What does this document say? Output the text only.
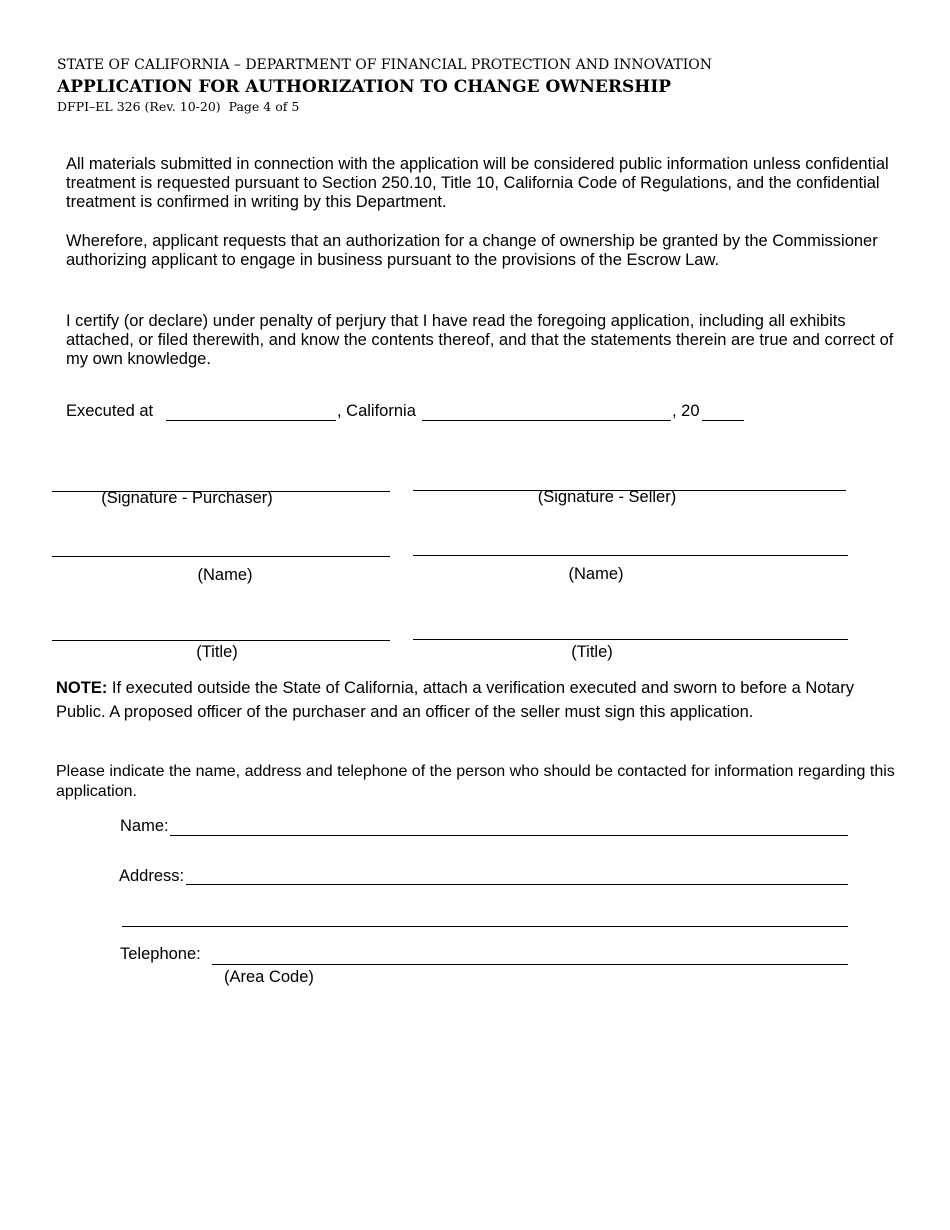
STATE OF CALIFORNIA – DEPARTMENT OF FINANCIAL PROTECTION AND INNOVATION
APPLICATION FOR AUTHORIZATION TO CHANGE OWNERSHIP
DFPI–EL 326 (Rev. 10-20) Page 4 of 5

All materials submitted in connection with the application will be considered public information unless confidential treatment is requested pursuant to Section 250.10, Title 10, California Code of Regulations, and the confidential treatment is confirmed in writing by this Department.

Wherefore, applicant requests that an authorization for a change of ownership be granted by the Commissioner authorizing applicant to engage in business pursuant to the provisions of the Escrow Law.

I certify (or declare) under penalty of perjury that I have read the foregoing application, including all exhibits attached, or filed therewith, and know the contents thereof, and that the statements therein are true and correct of my own knowledge.

Executed at	, California	, 20
(Signature - Purchaser)	(Signature - Seller)
(Name)	(Name)
(Title)	(Title)

NOTE: If executed outside the State of California, attach a verification executed and sworn to before a Notary Public. A proposed officer of the purchaser and an officer of the seller must sign this application.

Please indicate the name, address and telephone of the person who should be contacted for information regarding this application.

Name:
Address:
Telephone:
(Area Code)
